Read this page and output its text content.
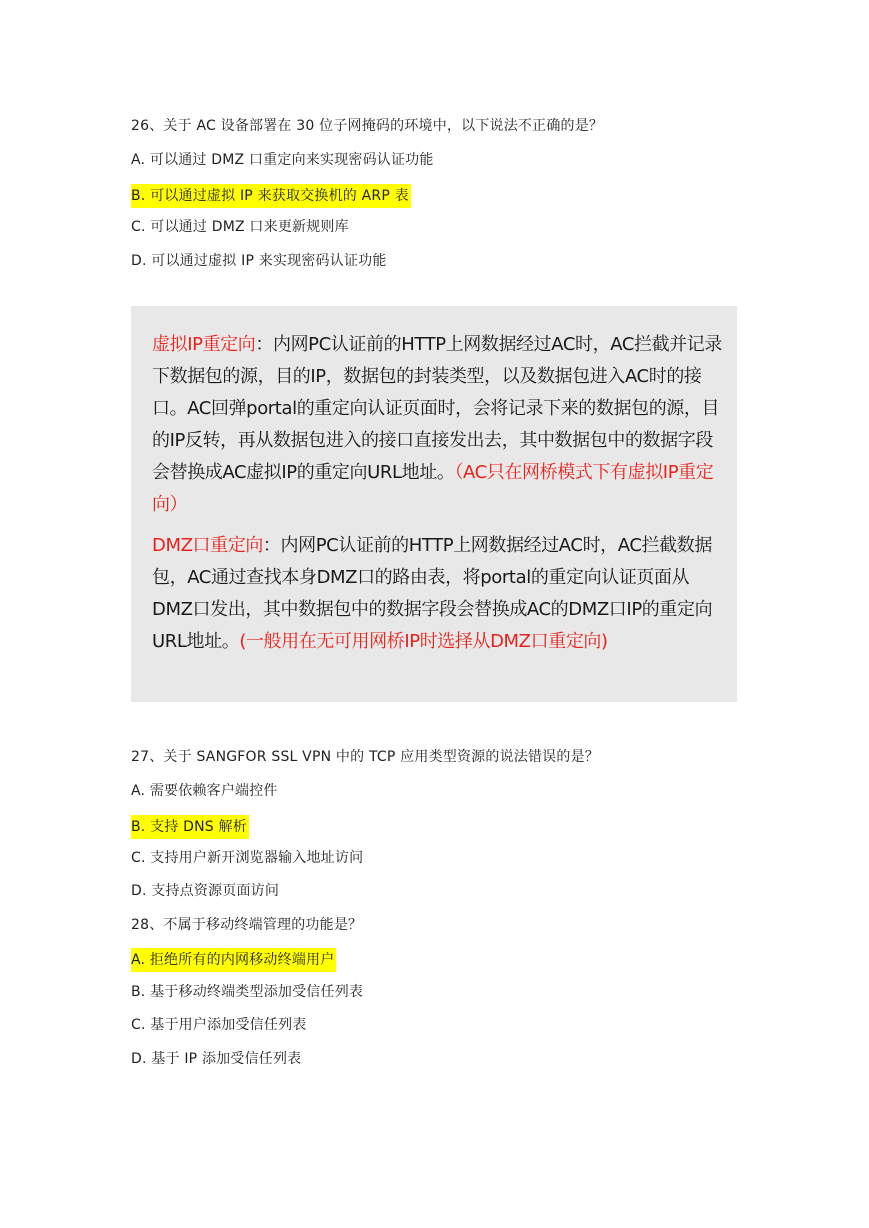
26、关于 AC 设备部署在 30 位子网掩码的环境中，以下说法不正确的是？
A. 可以通过 DMZ 口重定向来实现密码认证功能
B. 可以通过虚拟 IP 来获取交换机的 ARP 表
C. 可以通过 DMZ 口来更新规则库
D. 可以通过虚拟 IP 来实现密码认证功能
虚拟IP重定向：内网PC认证前的HTTP上网数据经过AC时，AC拦截并记录下数据包的源，目的IP，数据包的封装类型，以及数据包进入AC时的接口。AC回弹portal的重定向认证页面时，会将记录下来的数据包的源，目的IP反转，再从数据包进入的接口直接发出去，其中数据包中的数据字段会替换成AC虚拟IP的重定向URL地址。（AC只在网桥模式下有虚拟IP重定向）
DMZ口重定向：内网PC认证前的HTTP上网数据经过AC时，AC拦截数据包，AC通过查找本身DMZ口的路由表，将portal的重定向认证页面从DMZ口发出，其中数据包中的数据字段会替换成AC的DMZ口IP的重定向URL地址。(一般用在无可用网桥IP时选择从DMZ口重定向)
27、关于 SANGFOR SSL VPN 中的 TCP 应用类型资源的说法错误的是？
A. 需要依赖客户端控件
B. 支持 DNS 解析
C. 支持用户新开浏览器输入地址访问
D. 支持点资源页面访问
28、不属于移动终端管理的功能是？
A. 拒绝所有的内网移动终端用户
B. 基于移动终端类型添加受信任列表
C. 基于用户添加受信任列表
D. 基于 IP 添加受信任列表
